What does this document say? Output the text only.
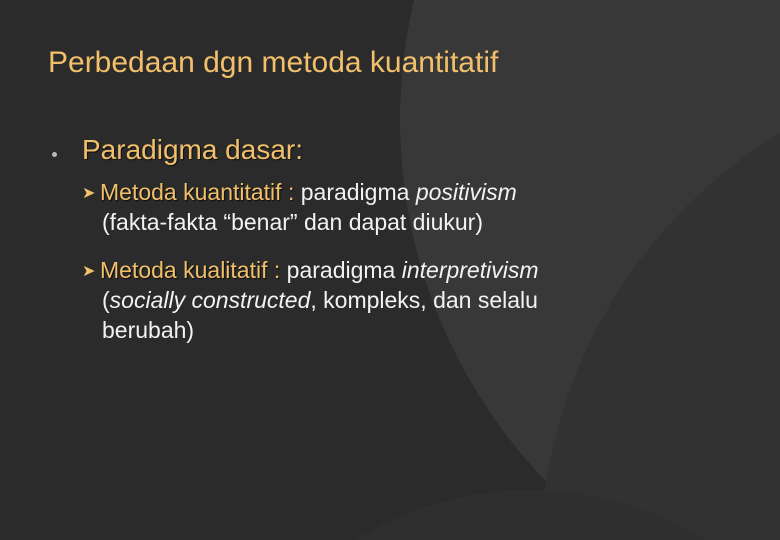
Perbedaan dgn metoda kuantitatif
Paradigma dasar:
➤ Metoda kuantitatif : paradigma positivism
(fakta-fakta “benar” dan dapat diukur)
➤ Metoda kualitatif : paradigma interpretivism
(socially constructed, kompleks, dan selalu
berubah)
